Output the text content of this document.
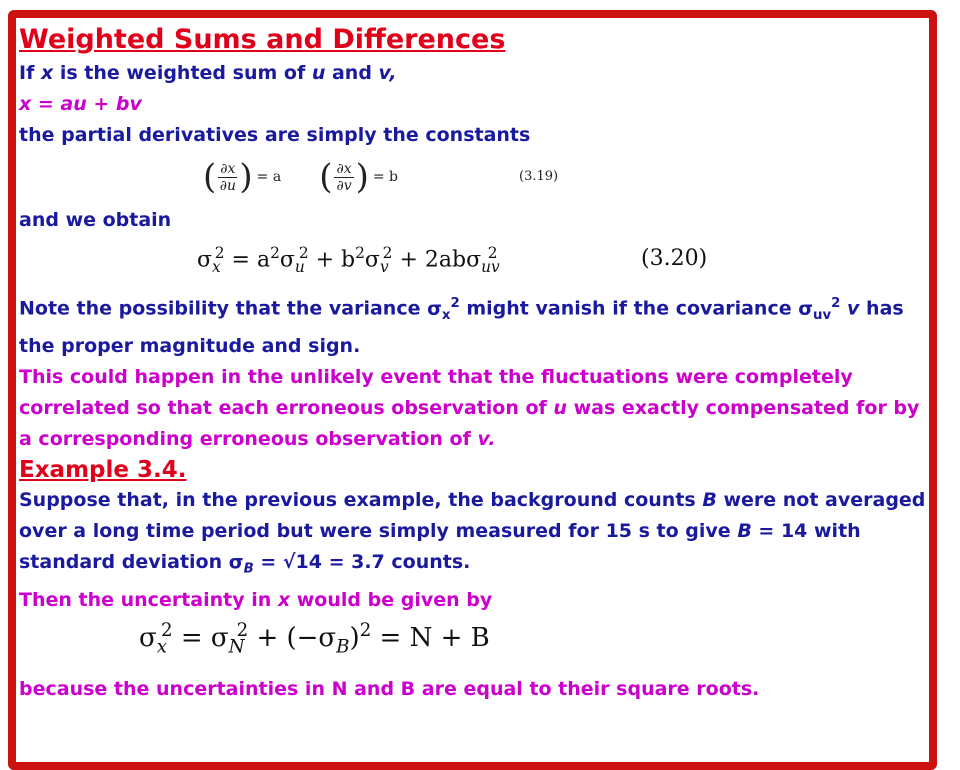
Weighted Sums and Differences

If x is the weighted sum of u and v,

x = au + bv

the partial derivatives are simply the constants

( $\frac{\partial x}{\partial u}$ ) = a ( $\frac{\partial x}{\partial v}$ ) = b	(3.19)

and we obtain

$\sigma_x^2 = a^2\sigma_u^2 + b^2\sigma_v^2 + 2ab\sigma_{uv}^2$	(3.20)

Note the possibility that the variance $\sigma_x^2$ might vanish if the covariance $\sigma_{uv}^2$ v has

the proper magnitude and sign.

This could happen in the unlikely event that the fluctuations were completely

correlated so that each erroneous observation of u was exactly compensated for by

a corresponding erroneous observation of v.

Example 3.4.

Suppose that, in the previous example, the background counts B were not averaged

over a long time period but were simply measured for 15 s to give B = 14 with

standard deviation $\sigma_B = √14 = 3.7$ counts.

Then the uncertainty in x would be given by

$\sigma_x^2 = \sigma_N^2 + (-\sigma_B)^2 = N + B$

because the uncertainties in N and B are equal to their square roots.
